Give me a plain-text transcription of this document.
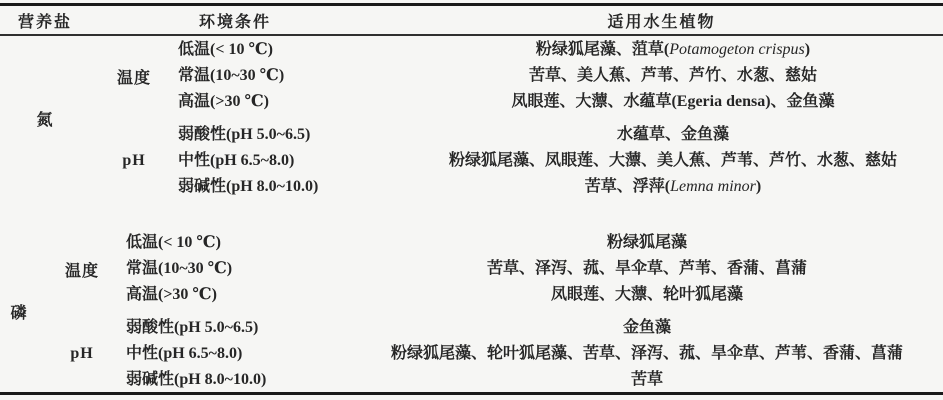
营养盐	环境条件	适用水生植物
氮
温度
低温(< 10 ℃)	粉绿狐尾藻、菹草(Potamogeton crispus)
常温(10~30 ℃)	苦草、美人蕉、芦苇、芦竹、水葱、慈姑
高温(>30 ℃)	凤眼莲、大薸、水蕴草(Egeria densa)、金鱼藻
pH
弱酸性(pH 5.0~6.5)	水蕴草、金鱼藻
中性(pH 6.5~8.0)	粉绿狐尾藻、凤眼莲、大薸、美人蕉、芦苇、芦竹、水葱、慈姑
弱碱性(pH 8.0~10.0)	苦草、浮萍(Lemna minor)
磷
温度
低温(< 10 ℃)	粉绿狐尾藻
常温(10~30 ℃)	苦草、泽泻、菰、旱伞草、芦苇、香蒲、菖蒲
高温(>30 ℃)	凤眼莲、大薸、轮叶狐尾藻
pH
弱酸性(pH 5.0~6.5)	金鱼藻
中性(pH 6.5~8.0)	粉绿狐尾藻、轮叶狐尾藻、苦草、泽泻、菰、旱伞草、芦苇、香蒲、菖蒲
弱碱性(pH 8.0~10.0)	苦草
